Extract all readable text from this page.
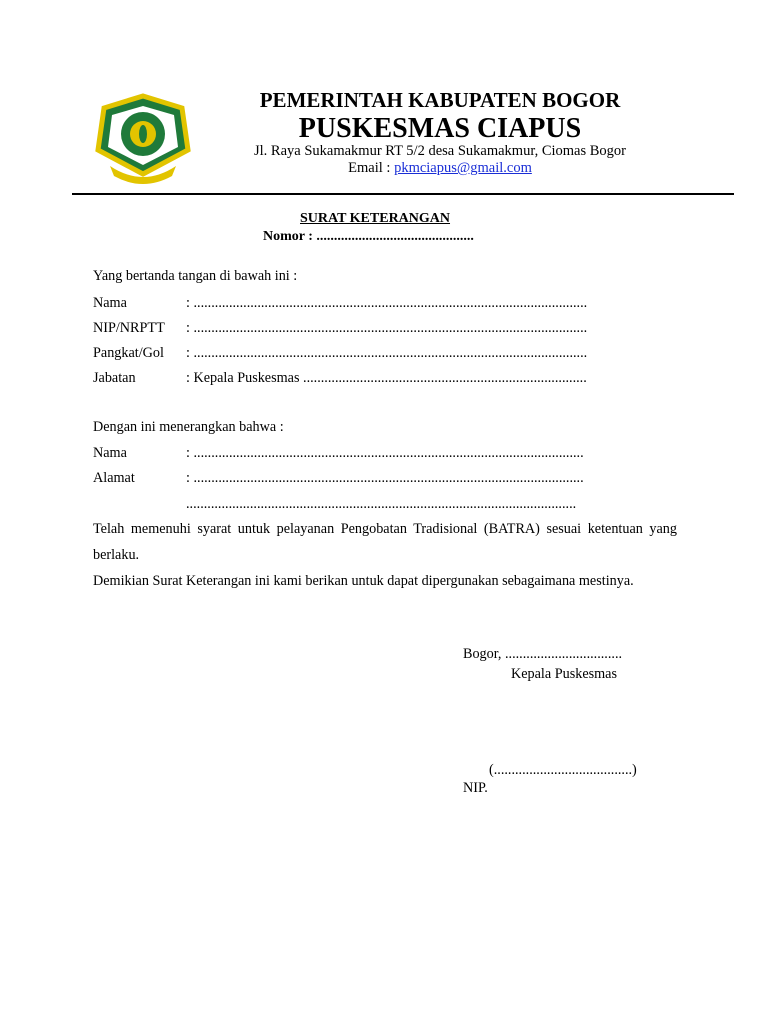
PEMERINTAH KABUPATEN BOGOR
PUSKESMAS CIAPUS
Jl. Raya Sukamakmur RT 5/2 desa Sukamakmur, Ciomas Bogor
Email : pkmciapus@gmail.com
SURAT KETERANGAN
Nomor : .............................................
Yang bertanda tangan di bawah ini :
Nama	: ...............................................................................................................
NIP/NRPTT : ...............................................................................................................
Pangkat/Gol : ...............................................................................................................
Jabatan	: Kepala Puskesmas ................................................................................
Dengan ini menerangkan bahwa :
Nama	: ..............................................................................................................
Alamat	: ..............................................................................................................
..............................................................................................................
Telah memenuhi syarat untuk pelayanan Pengobatan Tradisional (BATRA) sesuai ketentuan yang berlaku.
Demikian Surat Keterangan ini kami berikan untuk dapat dipergunakan sebagaimana mestinya.
Bogor, .................................
Kepala Puskesmas
(.......................................)
NIP.
